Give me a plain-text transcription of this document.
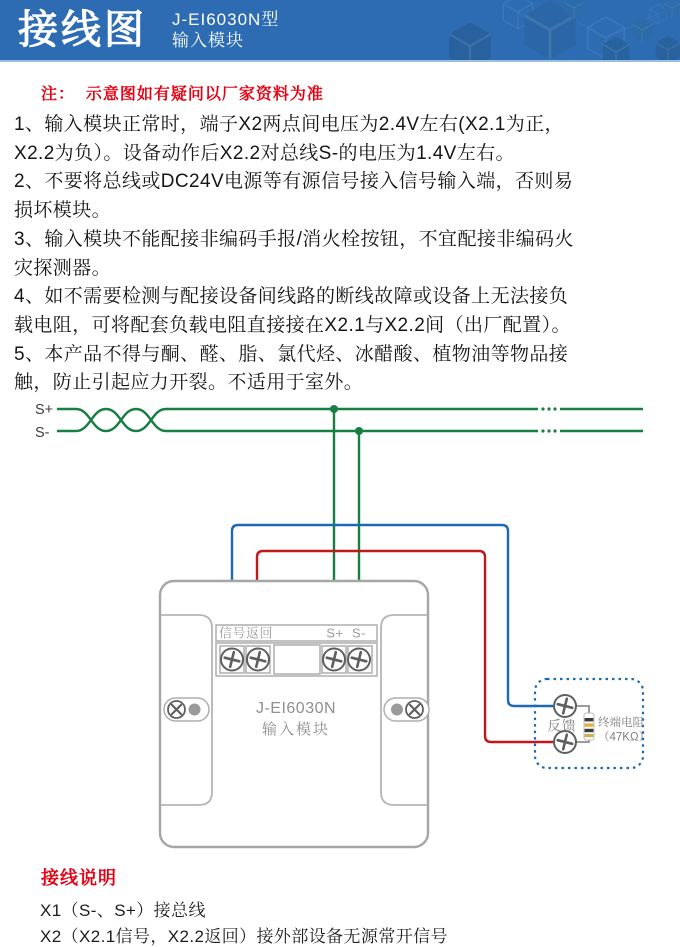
接线图 J-EI6030N型
输入模块
注：  示意图如有疑问以厂家资料为准
1、输入模块正常时，端子X2两点间电压为2.4V左右(X2.1为正，
X2.2为负）。设备动作后X2.2对总线S-的电压为1.4V左右。
2、不要将总线或DC24V电源等有源信号接入信号输入端，否则易
损坏模块。
3、输入模块不能配接非编码手报/消火栓按钮，不宜配接非编码火
灾探测器。
4、如不需要检测与配接设备间线路的断线故障或设备上无法接负
载电阻，可将配套负载电阻直接接在X2.1与X2.2间（出厂配置）。
5、本产品不得与酮、醛、脂、氯代烃、冰醋酸、植物油等物品接
触，防止引起应力开裂。不适用于室外。
S+
S-
信号返回	S+ S-
J-EI6030N
输入模块	反馈 终端电阻
（47KΩ）
接线说明
X1（S-、S+）接总线
X2（X2.1信号，X2.2返回）接外部设备无源常开信号
